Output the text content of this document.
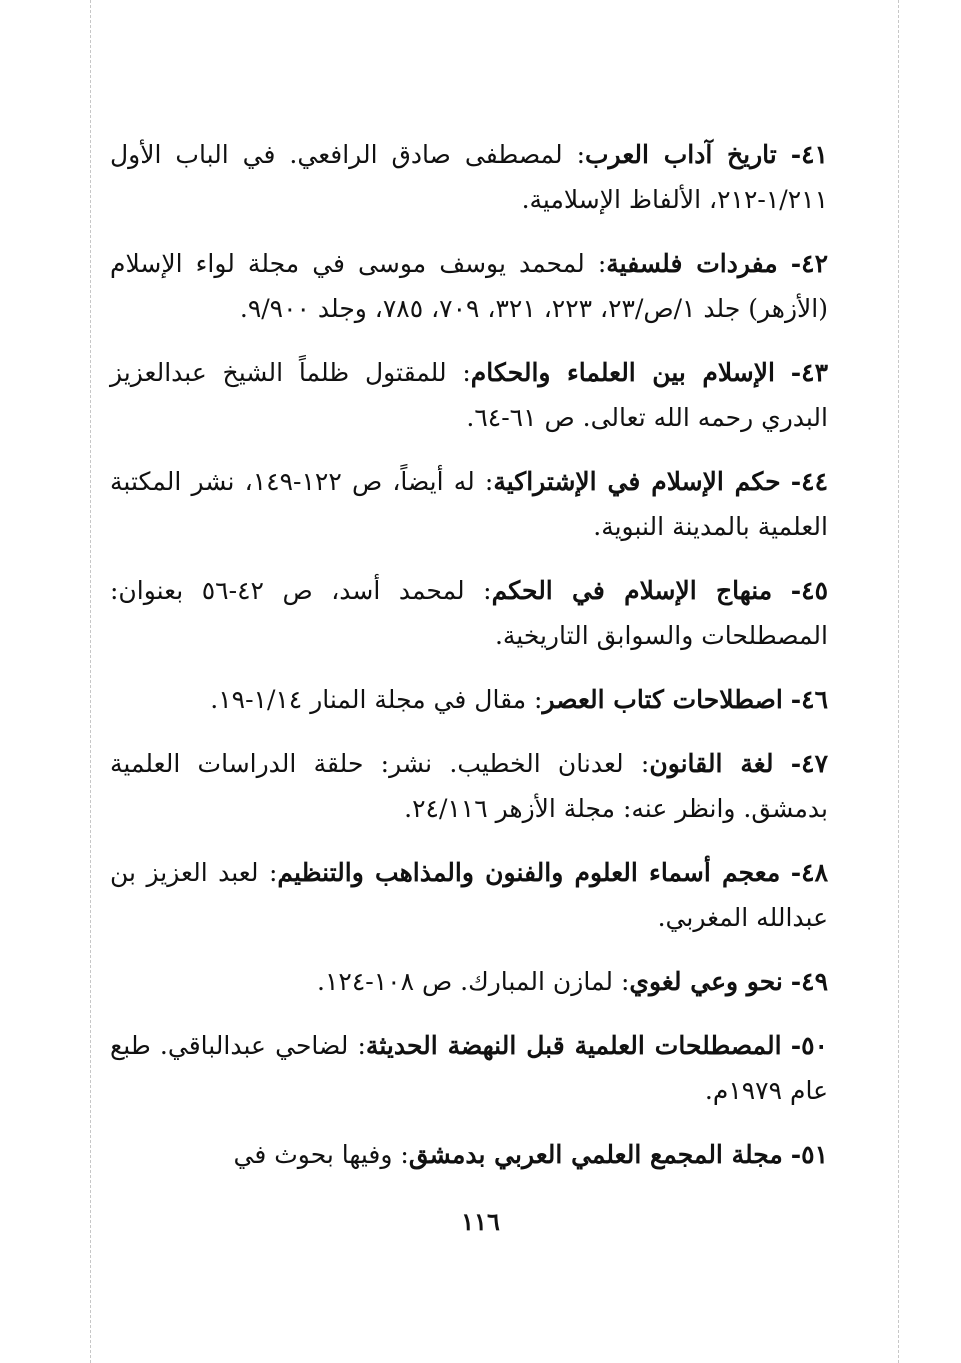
٤١- تاريخ آداب العرب: لمصطفى صادق الرافعي. في الباب الأول ١/٢١١-٢١٢، الألفاظ الإسلامية.

٤٢- مفردات فلسفية: لمحمد يوسف موسى في مجلة لواء الإسلام (الأزهر) جلد ١/ص/٢٣، ٢٢٣، ٣٢١، ٧٠٩، ٧٨٥، وجلد ٩/٩٠٠.

٤٣- الإسلام بين العلماء والحكام: للمقتول ظلماً الشيخ عبدالعزيز البدري رحمه الله تعالى. ص ٦١-٦٤.

٤٤- حكم الإسلام في الإشتراكية: له أيضاً، ص ١٢٢-١٤٩، نشر المكتبة العلمية بالمدينة النبوية.

٤٥- منهاج الإسلام في الحكم: لمحمد أسد، ص ٤٢-٥٦ بعنوان: المصطلحات والسوابق التاريخية.

٤٦- اصطلاحات كتاب العصر: مقال في مجلة المنار ١/١٤-١٩.

٤٧- لغة القانون: لعدنان الخطيب. نشر: حلقة الدراسات العلمية بدمشق. وانظر عنه: مجلة الأزهر ٢٤/١١٦.

٤٨- معجم أسماء العلوم والفنون والمذاهب والتنظيم: لعبد العزيز بن عبدالله المغربي.

٤٩- نحو وعي لغوي: لمازن المبارك. ص ١٠٨-١٢٤.

٥٠- المصطلحات العلمية قبل النهضة الحديثة: لضاحي عبدالباقي. طبع عام ١٩٧٩م.

٥١- مجلة المجمع العلمي العربي بدمشق: وفيها بحوث في

١١٦
